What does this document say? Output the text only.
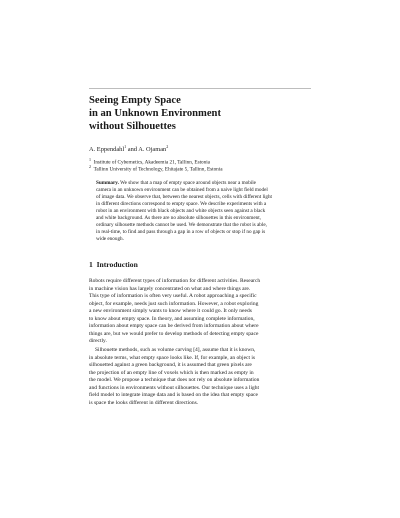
Seeing Empty Space
in an Unknown Environment
without Silhouettes
A. Eppendahl$^1$ and A. Ojaman$^2$
$^1$  Institute of Cybernetics, Akadeemia 21, Tallinn, Estonia
$^2$  Tallinn University of Technology, Ehitajate 5, Tallinn, Estonia
Summary. We show that a map of empty space around objects near a mobile
camera in an unknown environment can be obtained from a naive light field model
of image data. We observe that, between the nearest objects, cells with different light
in different directions correspond to empty space. We describe experiments with a
robot in an environment with black objects and white objects seen against a black
and white background. As there are no absolute silhouettes in this environment,
ordinary silhouette methods cannot be used. We demonstrate that the robot is able,
in real-time, to find and pass through a gap in a row of objects or stop if no gap is
wide enough.
1 Introduction
Robots require different types of information for different activities. Research
in machine vision has largely concentrated on what and where things are.
This type of information is often very useful. A robot approaching a specific
object, for example, needs just such information. However, a robot exploring
a new environment simply wants to know where it could go. It only needs
to know about empty space. In theory, and assuming complete information,
information about empty space can be derived from information about where
things are, but we would prefer to develop methods of detecting empty space
directly.
Silhouette methods, such as volume carving [4], assume that it is known,
in absolute terms, what empty space looks like. If, for example, an object is
silhouetted against a green background, it is assumed that green pixels are
the projection of an empty line of voxels which is then marked as empty in
the model. We propose a technique that does not rely on absolute information
and functions in environments without silhouettes. Our technique uses a light
field model to integrate image data and is based on the idea that empty space
is space the looks different in different directions.
